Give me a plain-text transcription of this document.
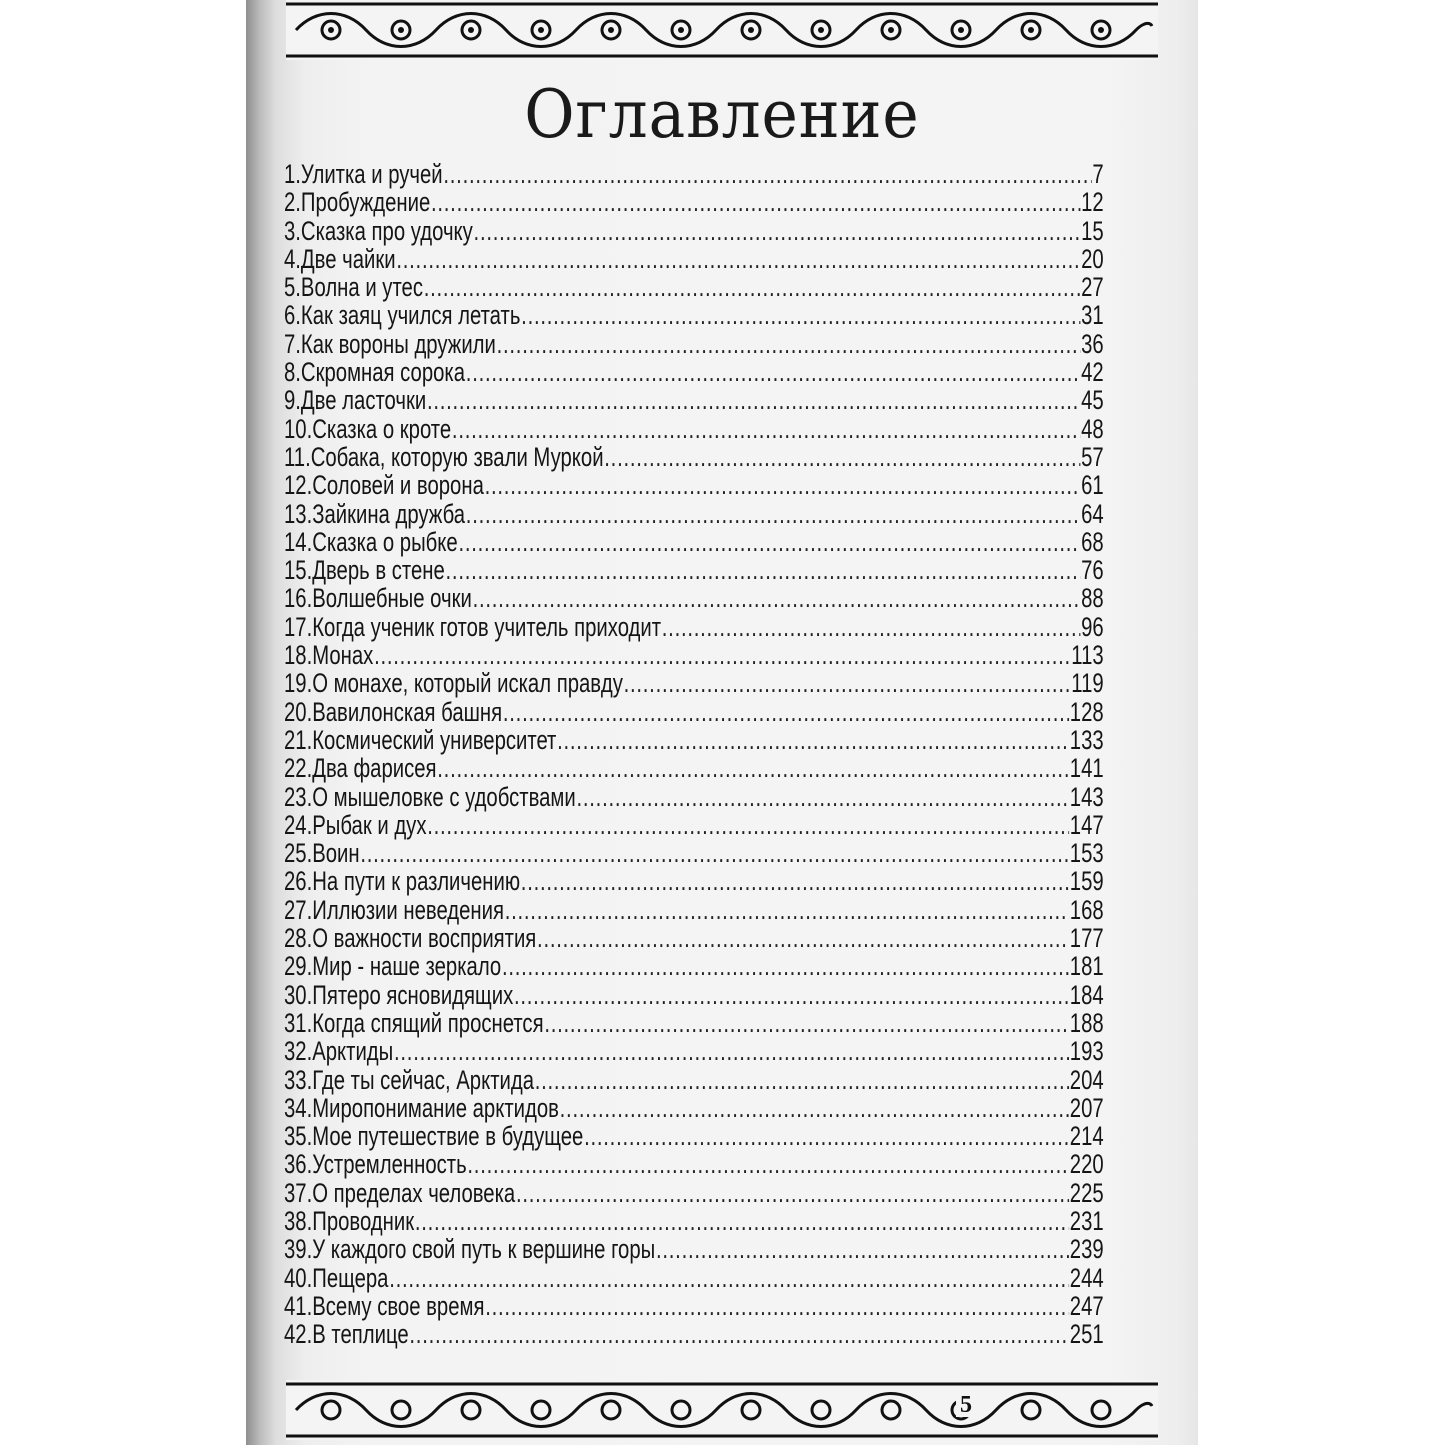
Оглавление
1.Улитка и ручей .....	7
2.Пробуждение .....	12
3.Сказка про удочку .....	15
4.Две чайки .....	20
5.Волна и утес .....	27
6.Как заяц учился летать .....	31
7.Как вороны дружили .....	36
8.Скромная сорока .....	42
9.Две ласточки .....	45
10.Сказка о кроте .....	48
11.Собака, которую звали Муркой .....	57
12.Соловей и ворона .....	61
13.Зайкина дружба .....	64
14.Сказка о рыбке .....	68
15.Дверь в стене .....	76
16.Волшебные очки .....	88
17.Когда ученик готов учитель приходит .....	96
18.Монах .....	113
19.О монахе, который искал правду .....	119
20.Вавилонская башня .....	128
21.Космический университет .....	133
22.Два фарисея .....	141
23.О мышеловке с удобствами .....	143
24.Рыбак и дух .....	147
25.Воин .....	153
26.На пути к различению .....	159
27.Иллюзии неведения .....	168
28.О важности восприятия .....	177
29.Мир - наше зеркало .....	181
30.Пятеро ясновидящих .....	184
31.Когда спящий проснется .....	188
32.Арктиды .....	193
33.Где ты сейчас, Арктида .....	204
34.Миропонимание арктидов .....	207
35.Мое путешествие в будущее .....	214
36.Устремленность .....	220
37.О пределах человека .....	225
38.Проводник .....	231
39.У каждого свой путь к вершине горы .....	239
40.Пещера .....	244
41.Всему свое время .....	247
42.В теплице .....	251
5
